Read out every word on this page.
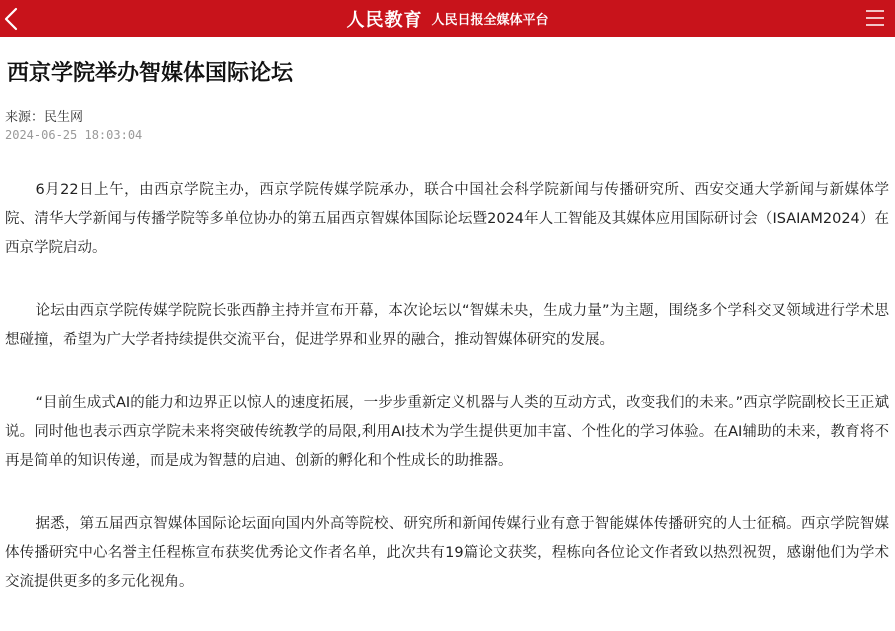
人民教育 人民日报全媒体平台
西京学院举办智媒体国际论坛
来源：民生网
2024-06-25 18:03:04

6月22日上午，由西京学院主办，西京学院传媒学院承办，联合中国社会科学院新闻与传播研究所、西安交通大学新闻与新媒体学院、清华大学新闻与传播学院等多单位协办的第五届西京智媒体国际论坛暨2024年人工智能及其媒体应用国际研讨会（ISAIAM2024）在西京学院启动。

论坛由西京学院传媒学院院长张西静主持并宣布开幕，本次论坛以“智媒未央，生成力量”为主题，围绕多个学科交叉领域进行学术思想碰撞，希望为广大学者持续提供交流平台，促进学界和业界的融合，推动智媒体研究的发展。

“目前生成式AI的能力和边界正以惊人的速度拓展，一步步重新定义机器与人类的互动方式，改变我们的未来。”西京学院副校长王正斌说。同时他也表示西京学院未来将突破传统教学的局限,利用AI技术为学生提供更加丰富、个性化的学习体验。在AI辅助的未来，教育将不再是简单的知识传递，而是成为智慧的启迪、创新的孵化和个性成长的助推器。

据悉，第五届西京智媒体国际论坛面向国内外高等院校、研究所和新闻传媒行业有意于智能媒体传播研究的人士征稿。西京学院智媒体传播研究中心名誉主任程栋宣布获奖优秀论文作者名单，此次共有19篇论文获奖，程栋向各位论文作者致以热烈祝贺，感谢他们为学术交流提供更多的多元化视角。
